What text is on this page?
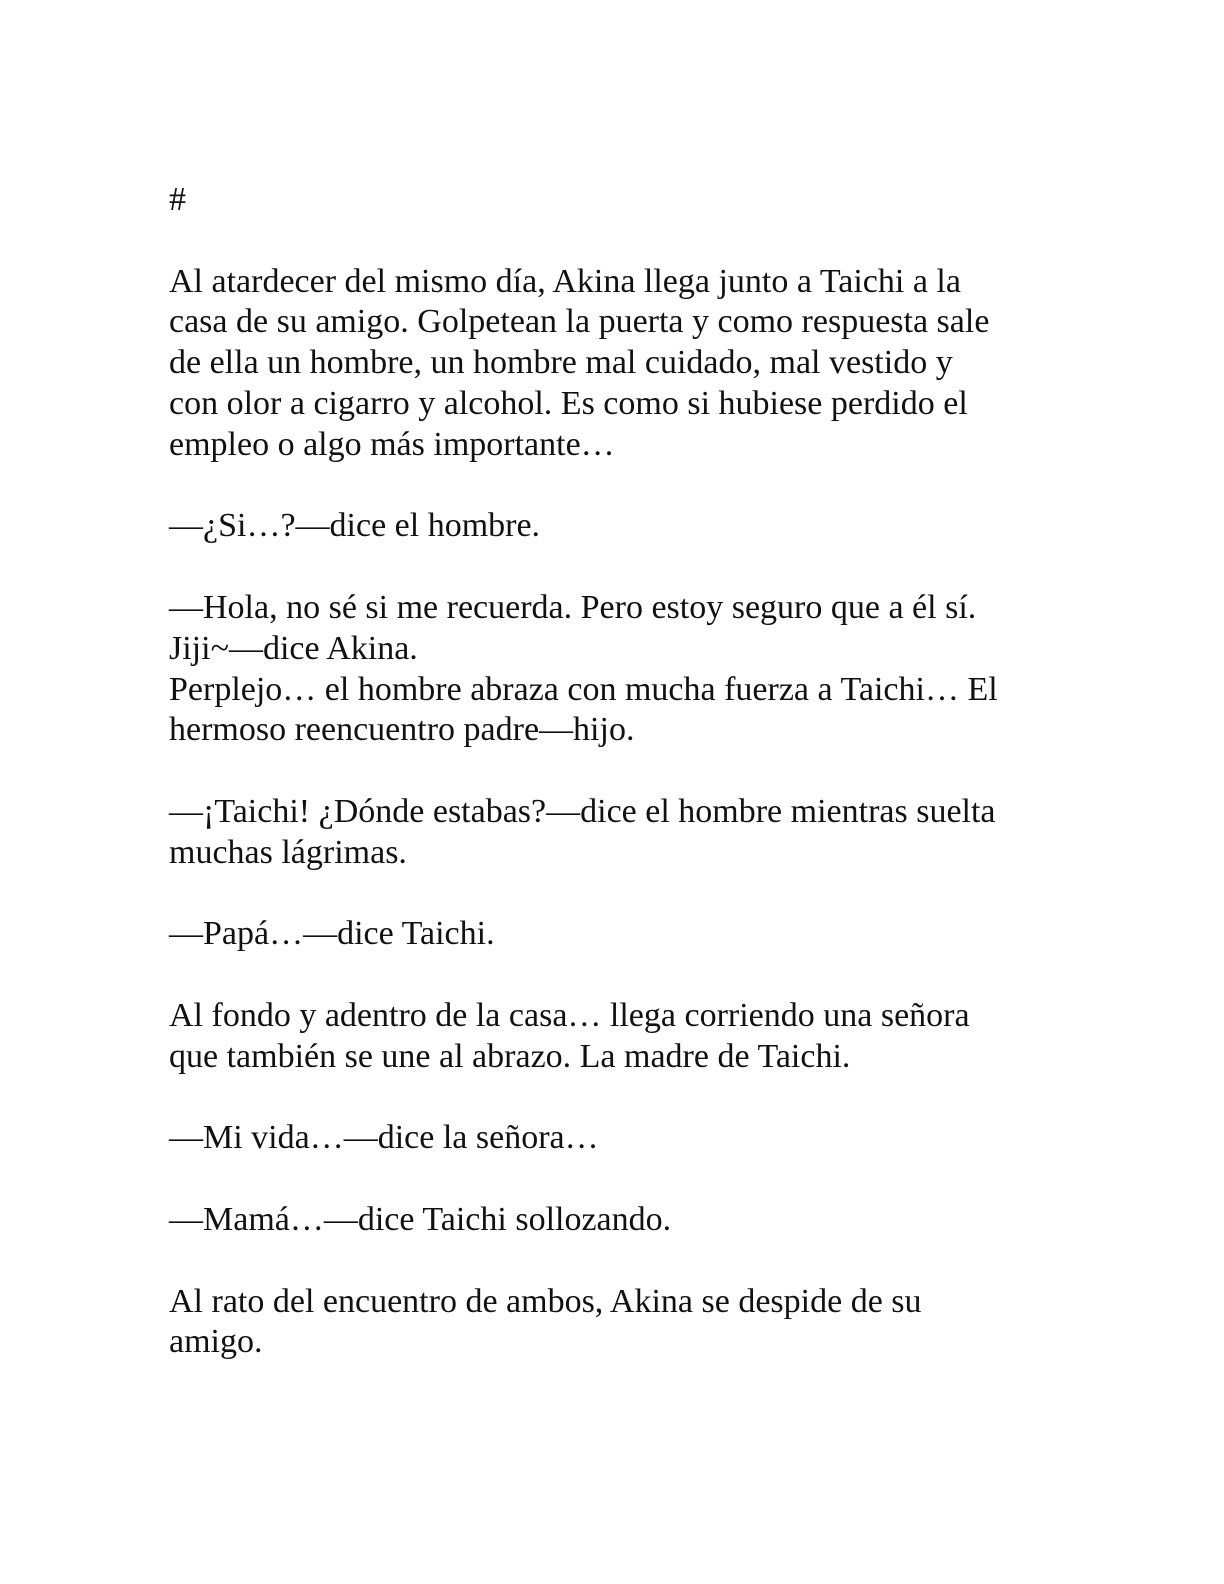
#

Al atardecer del mismo día, Akina llega junto a Taichi a la
casa de su amigo. Golpetean la puerta y como respuesta sale
de ella un hombre, un hombre mal cuidado, mal vestido y
con olor a cigarro y alcohol. Es como si hubiese perdido el
empleo o algo más importante…

—¿Si…?—dice el hombre.

—Hola, no sé si me recuerda. Pero estoy seguro que a él sí.
Jiji~—dice Akina.

Perplejo… el hombre abraza con mucha fuerza a Taichi… El
hermoso reencuentro padre—hijo.

—¡Taichi! ¿Dónde estabas?—dice el hombre mientras suelta
muchas lágrimas.

—Papá…—dice Taichi.

Al fondo y adentro de la casa… llega corriendo una señora
que también se une al abrazo. La madre de Taichi.

—Mi vida…—dice la señora…

—Mamá…—dice Taichi sollozando.

Al rato del encuentro de ambos, Akina se despide de su
amigo.
